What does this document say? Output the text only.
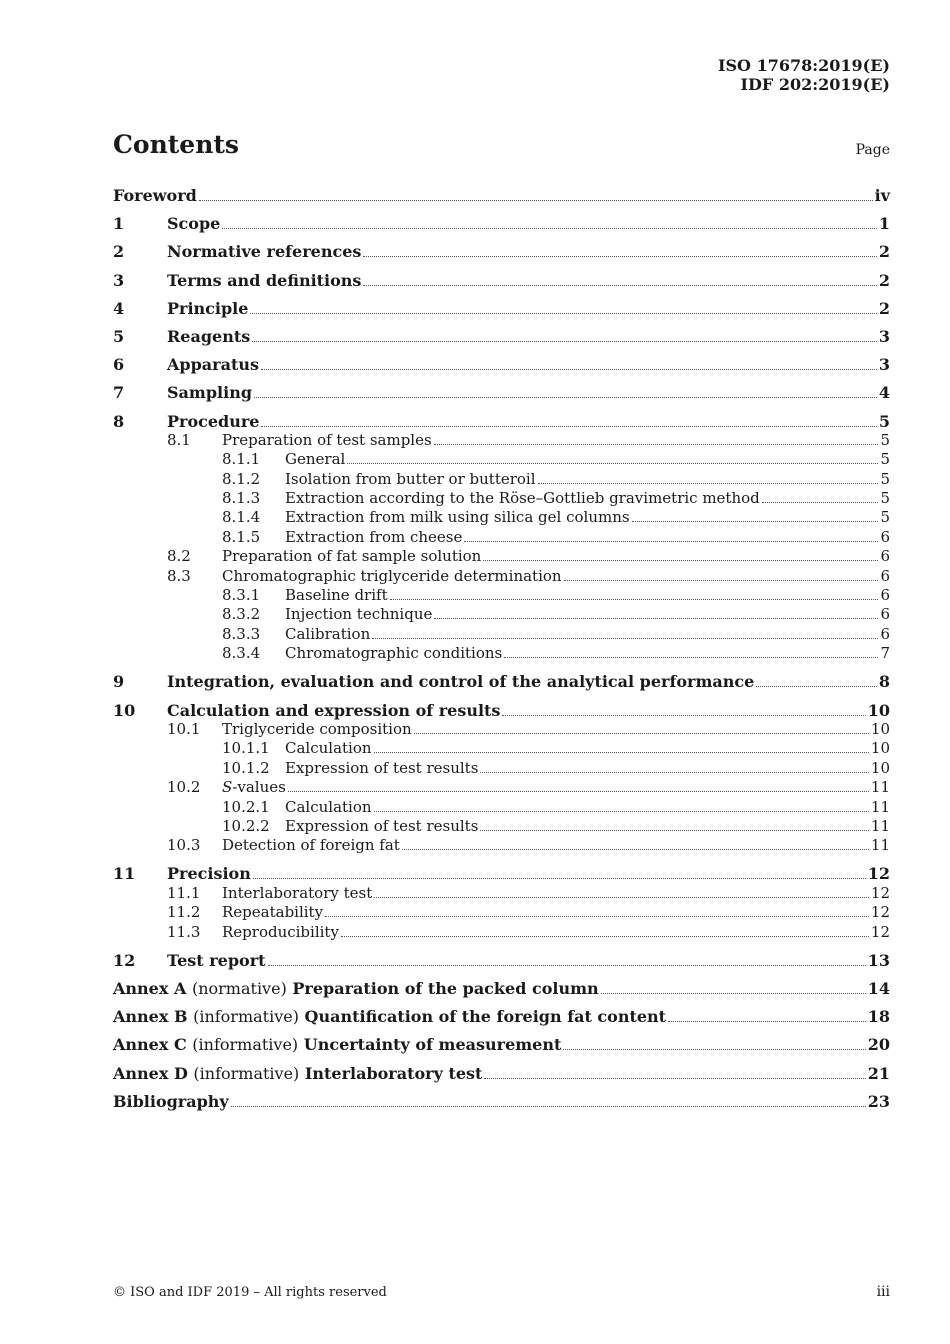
ISO 17678:2019(E)
IDF 202:2019(E)
Contents	Page
Foreword	iv
1	Scope	1
2	Normative references	2
3	Terms and definitions	2
4	Principle	2
5	Reagents	3
6	Apparatus	3
7	Sampling	4
8	Procedure	5
8.1	Preparation of test samples	5
8.1.1	General	5
8.1.2	Isolation from butter or butteroil	5
8.1.3	Extraction according to the Röse–Gottlieb gravimetric method	5
8.1.4	Extraction from milk using silica gel columns	5
8.1.5	Extraction from cheese	6
8.2	Preparation of fat sample solution	6
8.3	Chromatographic triglyceride determination	6
8.3.1	Baseline drift	6
8.3.2	Injection technique	6
8.3.3	Calibration	6
8.3.4	Chromatographic conditions	7
9	Integration, evaluation and control of the analytical performance	8
10	Calculation and expression of results	10
10.1	Triglyceride composition	10
10.1.1	Calculation	10
10.1.2	Expression of test results	10
10.2	S-values	11
10.2.1	Calculation	11
10.2.2	Expression of test results	11
10.3	Detection of foreign fat	11
11	Precision	12
11.1	Interlaboratory test	12
11.2	Repeatability	12
11.3	Reproducibility	12
12	Test report	13
Annex A (normative) Preparation of the packed column	14
Annex B (informative) Quantification of the foreign fat content	18
Annex C (informative) Uncertainty of measurement	20
Annex D (informative) Interlaboratory test	21
Bibliography	23
© ISO and IDF 2019 – All rights reserved	iii
